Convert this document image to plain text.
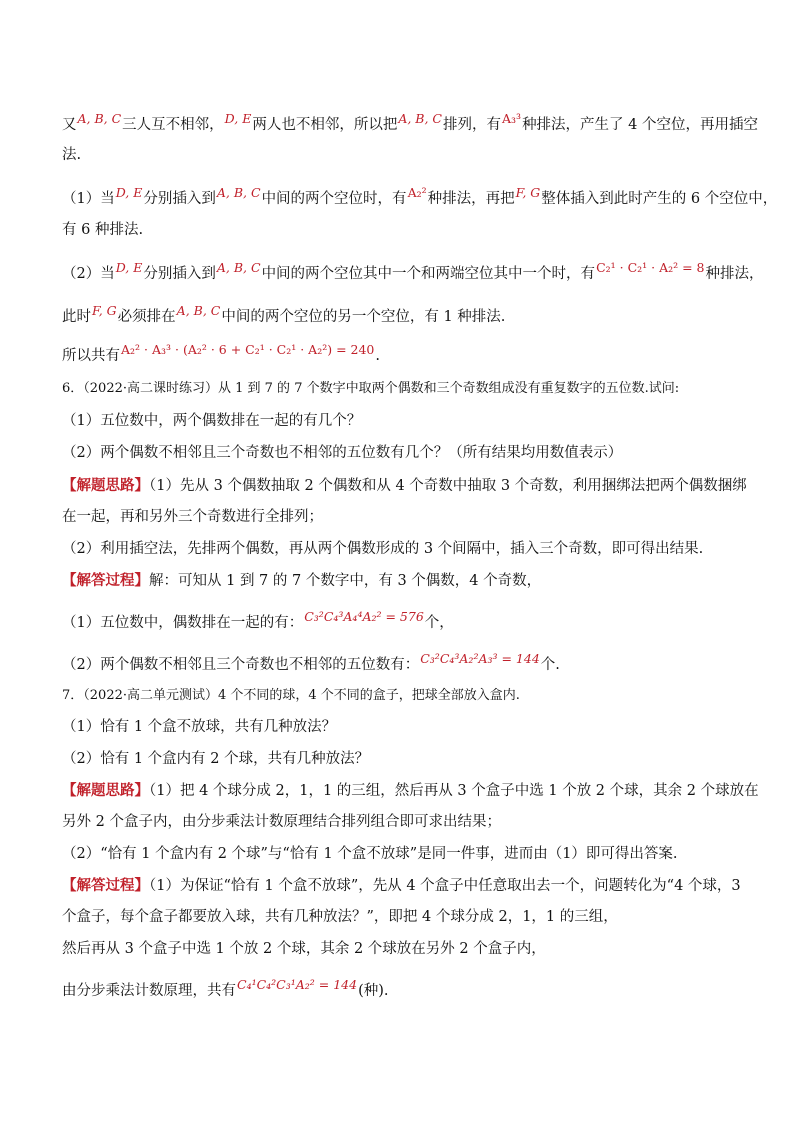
又A, B, C三人互不相邻，D, E两人也不相邻，所以把A, B, C排列，有A₃³种排法，产生了 4 个空位，再用插空
法.
（1）当D, E分别插入到A, B, C中间的两个空位时，有A₂²种排法，再把F, G整体插入到此时产生的 6 个空位中，
有 6 种排法.
（2）当D, E分别插入到A, B, C中间的两个空位其中一个和两端空位其中一个时，有C₂¹ · C₂¹ · A₂² = 8种排法，
此时F, G必须排在A, B, C中间的两个空位的另一个空位，有 1 种排法.
所以共有A₂² · A₃³ · (A₂² · 6 + C₂¹ · C₂¹ · A₂²) = 240.
6．（2022·高二课时练习）从 1 到 7 的 7 个数字中取两个偶数和三个奇数组成没有重复数字的五位数.试问:
（1）五位数中，两个偶数排在一起的有几个？
（2）两个偶数不相邻且三个奇数也不相邻的五位数有几个？（所有结果均用数值表示）
【解题思路】（1）先从 3 个偶数抽取 2 个偶数和从 4 个奇数中抽取 3 个奇数，利用捆绑法把两个偶数捆绑
在一起，再和另外三个奇数进行全排列；
（2）利用插空法，先排两个偶数，再从两个偶数形成的 3 个间隔中，插入三个奇数，即可得出结果.
【解答过程】解：可知从 1 到 7 的 7 个数字中，有 3 个偶数，4 个奇数，
（1）五位数中，偶数排在一起的有：C₃²C₄³A₄⁴A₂² = 576个，
（2）两个偶数不相邻且三个奇数也不相邻的五位数有：C₃²C₄³A₂²A₃³ = 144个.
7．（2022·高二单元测试）4 个不同的球，4 个不同的盒子，把球全部放入盒内.
（1）恰有 1 个盒不放球，共有几种放法？
（2）恰有 1 个盒内有 2 个球，共有几种放法？
【解题思路】（1）把 4 个球分成 2，1，1 的三组，然后再从 3 个盒子中选 1 个放 2 个球，其余 2 个球放在
另外 2 个盒子内，由分步乘法计数原理结合排列组合即可求出结果；
（2）“恰有 1 个盒内有 2 个球”与“恰有 1 个盒不放球”是同一件事，进而由（1）即可得出答案.
【解答过程】（1）为保证“恰有 1 个盒不放球”，先从 4 个盒子中任意取出去一个，问题转化为“4 个球，3
个盒子，每个盒子都要放入球，共有几种放法？”，即把 4 个球分成 2，1，1 的三组，
然后再从 3 个盒子中选 1 个放 2 个球，其余 2 个球放在另外 2 个盒子内，
由分步乘法计数原理，共有C₄¹C₄²C₃¹A₂² = 144(种).
